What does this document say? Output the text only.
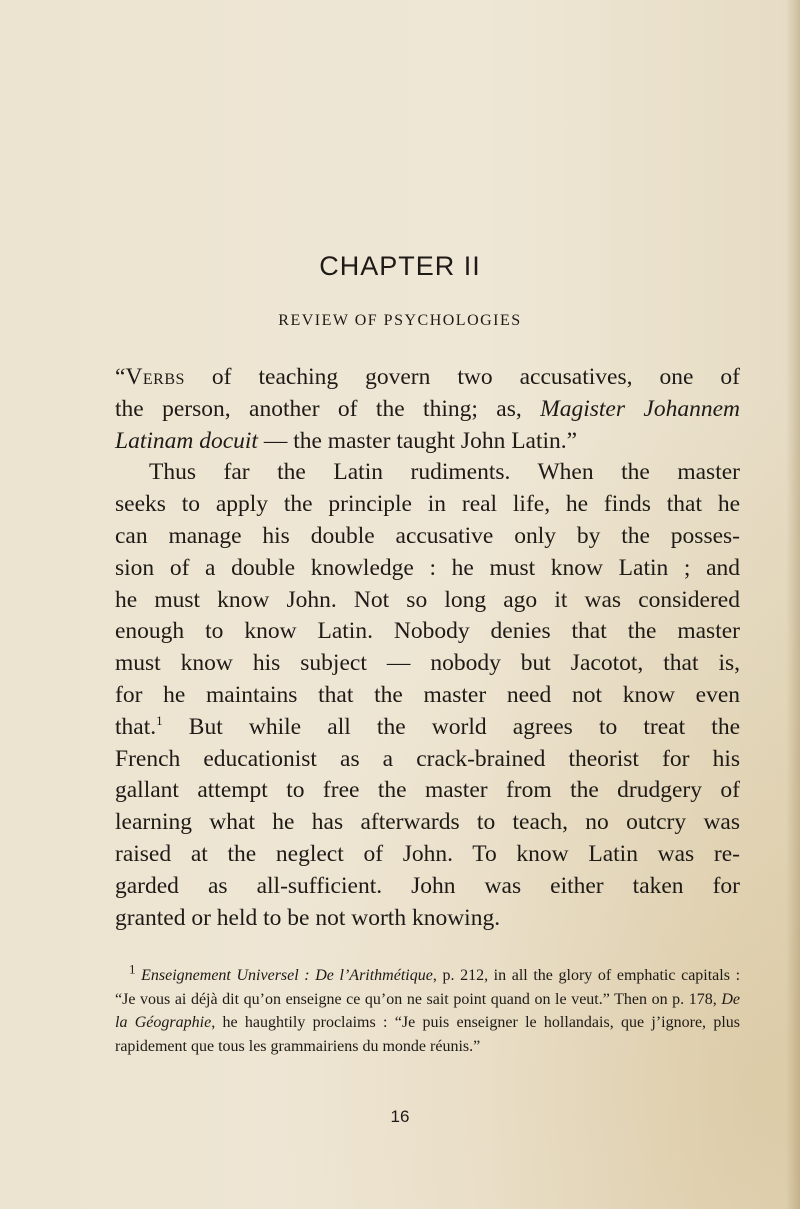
CHAPTER II
REVIEW OF PSYCHOLOGIES
“Verbs of teaching govern two accusatives, one of
the person, another of the thing; as, Magister Johannem
Latinam docuit — the master taught John Latin.”
Thus far the Latin rudiments. When the master
seeks to apply the principle in real life, he finds that he
can manage his double accusative only by the posses-
sion of a double knowledge : he must know Latin ; and
he must know John. Not so long ago it was considered
enough to know Latin. Nobody denies that the master
must know his subject — nobody but Jacotot, that is,
for he maintains that the master need not know even
that.$^1$ But while all the world agrees to treat the
French educationist as a crack-brained theorist for his
gallant attempt to free the master from the drudgery of
learning what he has afterwards to teach, no outcry was
raised at the neglect of John. To know Latin was re-
garded as all-sufficient. John was either taken for
granted or held to be not worth knowing.
$^1$ Enseignement Universel : De l’Arithmétique, p. 212, in all the glory of emphatic capitals : “Je vous ai déjà dit qu’on enseigne ce qu’on ne sait point quand on le veut.” Then on p. 178, De la Géographie, he haughtily proclaims : “Je puis enseigner le hollandais, que j’ignore, plus rapidement que tous les grammairiens du monde réunis.”
16
